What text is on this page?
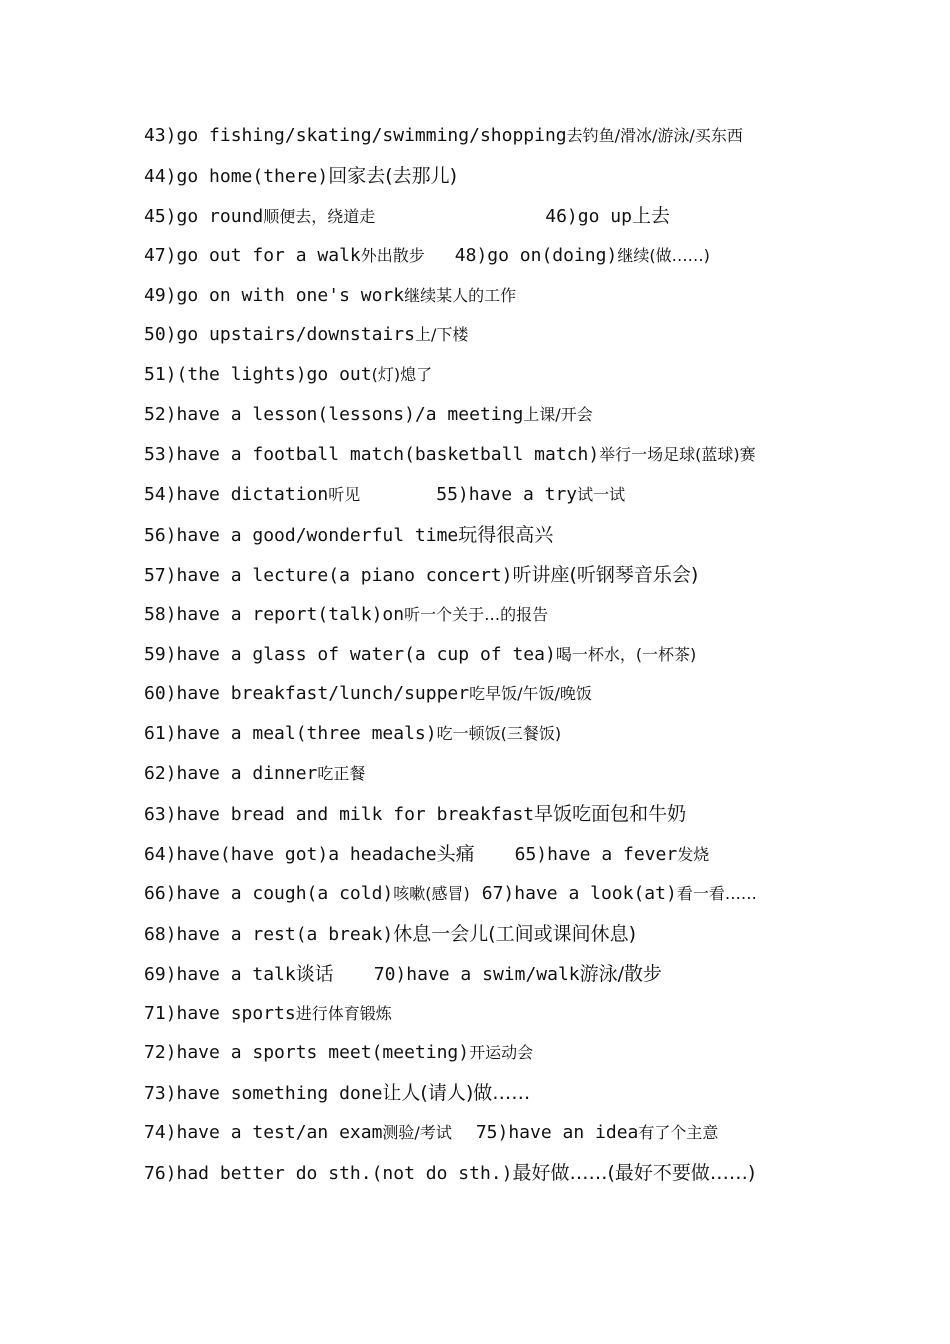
43)go fishing/skating/swimming/shopping去钓鱼/滑冰/游泳/买东西
44)go home(there)回家去(去那儿)
45)go round顺便去，绕道走	46)go up上去
47)go out for a walk外出散步 48)go on(doing)继续(做……)
49)go on with one's work继续某人的工作
50)go upstairs/downstairs上/下楼
51)(the lights)go out(灯)熄了
52)have a lesson(lessons)/a meeting上课/开会
53)have a football match(basketball match)举行一场足球(蓝球)赛
54)have dictation听见	55)have a try试一试
56)have a good/wonderful time玩得很高兴
57)have a lecture(a piano concert)听讲座(听钢琴音乐会)
58)have a report(talk)on听一个关于…的报告
59)have a glass of water(a cup of tea)喝一杯水，(一杯茶)
60)have breakfast/lunch/supper吃早饭/午饭/晚饭
61)have a meal(three meals)吃一顿饭(三餐饭)
62)have a dinner吃正餐
63)have bread and milk for breakfast早饭吃面包和牛奶
64)have(have got)a headache头痛 65)have a fever发烧
66)have a cough(a cold)咳嗽(感冒) 67)have a look(at)看一看……
68)have a rest(a break)休息一会儿(工间或课间休息)
69)have a talk谈话 70)have a swim/walk游泳/散步
71)have sports进行体育锻炼
72)have a sports meet(meeting)开运动会
73)have something done让人(请人)做……
74)have a test/an exam测验/考试 75)have an idea有了个主意
76)had better do sth.(not do sth.)最好做……(最好不要做……)
